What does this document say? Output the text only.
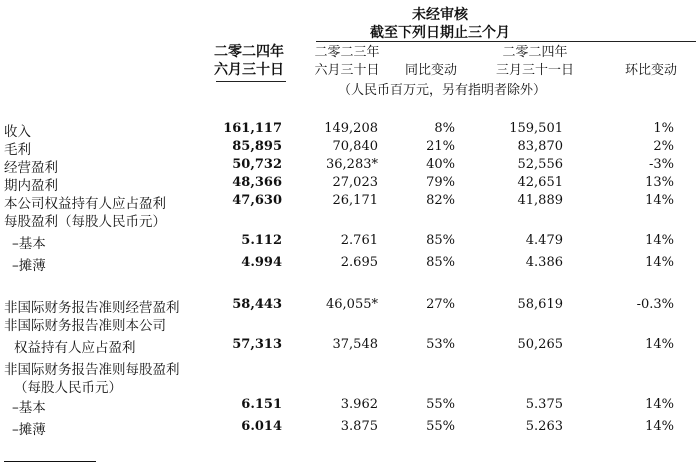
未经审核
截至下列日期止三个月
二零二四年
六月三十日
二零二三年
六月三十日	同比变动
二零二四年
三月三十一日	环比变动
（人民币百万元，另有指明者除外）
收入	161,117	149,208	8%	159,501	1%
毛利	85,895	70,840	21%	83,870	2%
经营盈利	50,732	36,283*	40%	52,556	-3%
期内盈利	48,366	27,023	79%	42,651	13%
本公司权益持有人应占盈利	47,630	26,171	82%	41,889	14%
每股盈利（每股人民币元）
–基本	5.112	2.761	85%	4.479	14%
–摊薄	4.994	2.695	85%	4.386	14%
非国际财务报告准则经营盈利	58,443	46,055*	27%	58,619	-0.3%
非国际财务报告准则本公司
权益持有人应占盈利	57,313	37,548	53%	50,265	14%
非国际财务报告准则每股盈利
（每股人民币元）
–基本	6.151	3.962	55%	5.375	14%
–摊薄	6.014	3.875	55%	5.263	14%
